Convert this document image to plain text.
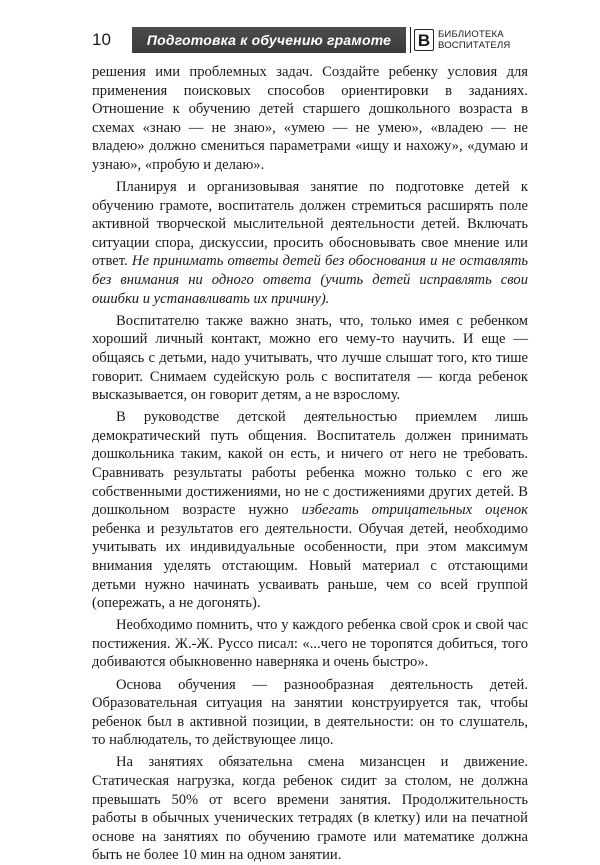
10	Подготовка к обучению грамоте В БИБЛИОТЕКА
ВОСПИТАТЕЛЯ

решения ими проблемных задач. Создайте ребенку условия для применения поисковых способов ориентировки в заданиях. Отношение к обучению детей старшего дошкольного возраста в схемах «знаю — не знаю», «умею — не умею», «владею — не владею» должно смениться параметрами «ищу и нахожу», «думаю и узнаю», «пробую и делаю».

Планируя и организовывая занятие по подготовке детей к обучению грамоте, воспитатель должен стремиться расширять поле активной творческой мыслительной деятельности детей. Включать ситуации спора, дискуссии, просить обосновывать свое мнение или ответ. Не принимать ответы детей без обоснования и не оставлять без внимания ни одного ответа (учить детей исправлять свои ошибки и устанавливать их причину).

Воспитателю также важно знать, что, только имея с ребенком хороший личный контакт, можно его чему-то научить. И еще — общаясь с детьми, надо учитывать, что лучше слышат того, кто тише говорит. Снимаем судейскую роль с воспитателя — когда ребенок высказывается, он говорит детям, а не взрослому.

В руководстве детской деятельностью приемлем лишь демократический путь общения. Воспитатель должен принимать дошкольника таким, какой он есть, и ничего от него не требовать. Сравнивать результаты работы ребенка можно только с его же собственными достижениями, но не с достижениями других детей. В дошкольном возрасте нужно избегать отрицательных оценок ребенка и результатов его деятельности. Обучая детей, необходимо учитывать их индивидуальные особенности, при этом максимум внимания уделять отстающим. Новый материал с отстающими детьми нужно начинать усваивать раньше, чем со всей группой (опережать, а не догонять).

Необходимо помнить, что у каждого ребенка свой срок и свой час постижения. Ж.-Ж. Руссо писал: «...чего не торопятся добиться, того добиваются обыкновенно наверняка и очень быстро».

Основа обучения — разнообразная деятельность детей. Образовательная ситуация на занятии конструируется так, чтобы ребенок был в активной позиции, в деятельности: он то слушатель, то наблюдатель, то действующее лицо.

На занятиях обязательна смена мизансцен и движение. Статическая нагрузка, когда ребенок сидит за столом, не должна превышать 50% от всего времени занятия. Продолжительность работы в обычных ученических тетрадях (в клетку) или на печатной основе на занятиях по обучению грамоте или математике должна быть не более 10 мин на одном занятии.
